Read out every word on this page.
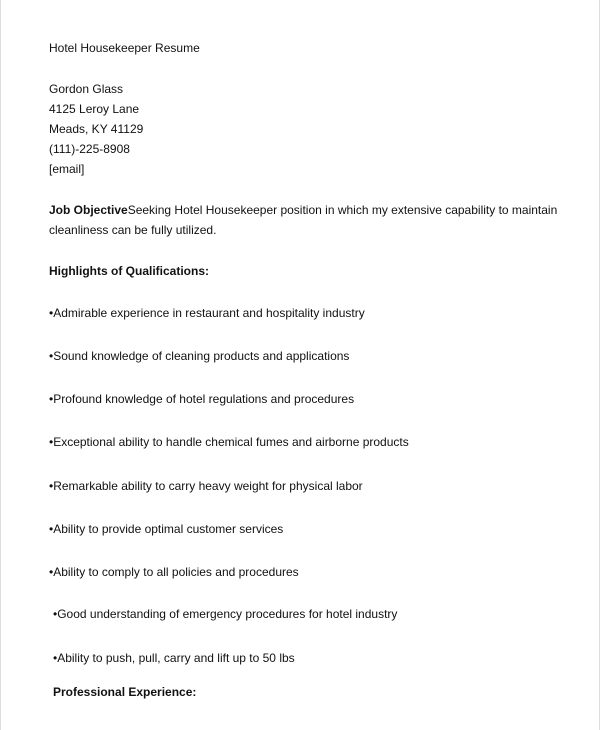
Hotel Housekeeper Resume
Gordon Glass
4125 Leroy Lane
Meads, KY 41129
(111)-225-8908
[email]
Job ObjectiveSeeking Hotel Housekeeper position in which my extensive capability to maintain
cleanliness can be fully utilized.
Highlights of Qualifications:
•Admirable experience in restaurant and hospitality industry
•Sound knowledge of cleaning products and applications
•Profound knowledge of hotel regulations and procedures
•Exceptional ability to handle chemical fumes and airborne products
•Remarkable ability to carry heavy weight for physical labor
•Ability to provide optimal customer services
•Ability to comply to all policies and procedures
•Good understanding of emergency procedures for hotel industry
•Ability to push, pull, carry and lift up to 50 lbs
Professional Experience:
